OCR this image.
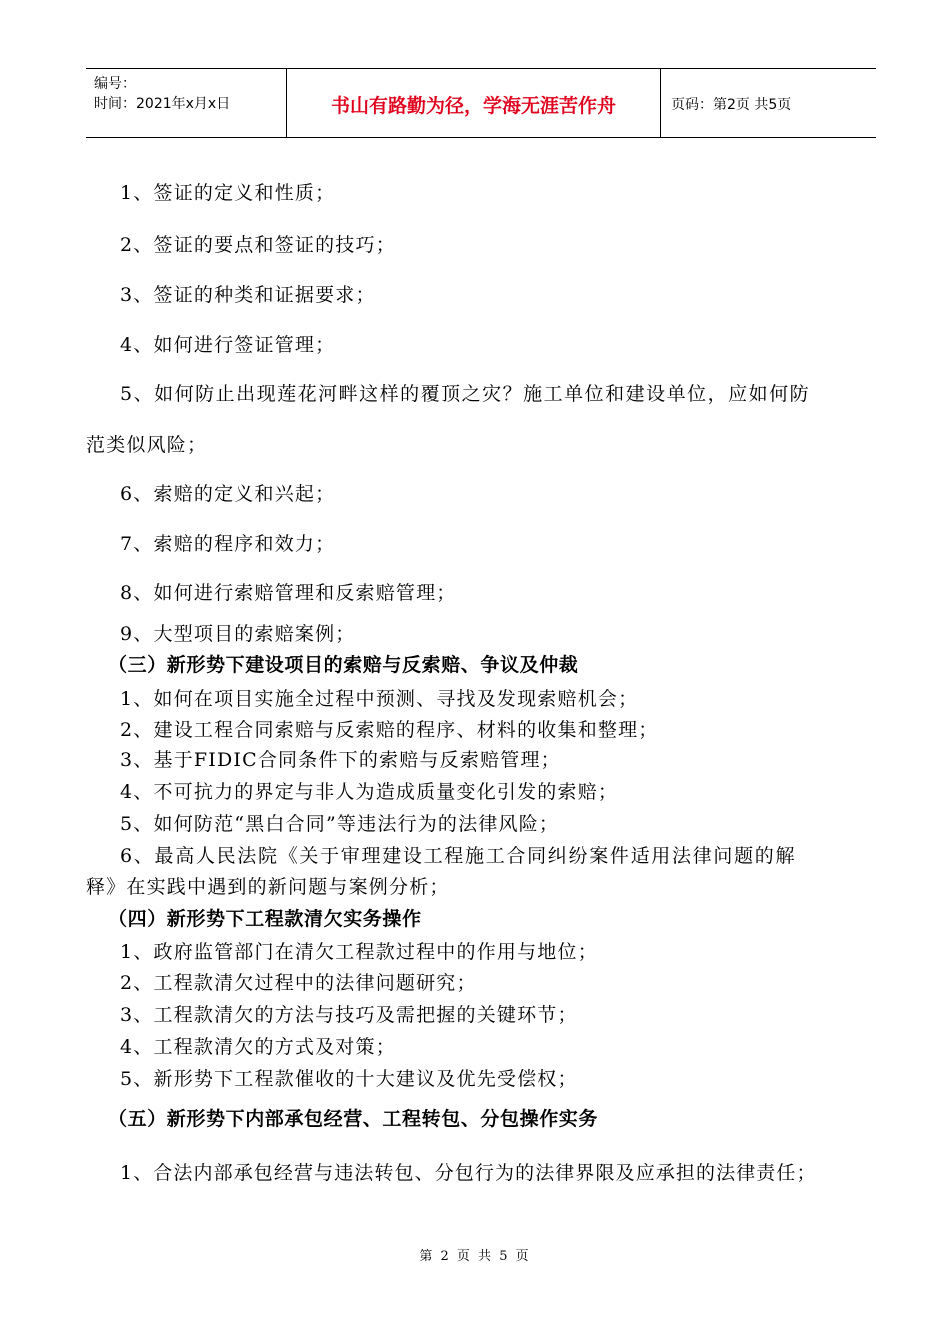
编号：
时间：2021年x月x日	书山有路勤为径，学海无涯苦作舟	页码：第2页 共5页
1、签证的定义和性质；
2、签证的要点和签证的技巧；
3、签证的种类和证据要求；
4、如何进行签证管理；
5、如何防止出现莲花河畔这样的覆顶之灾？施工单位和建设单位，应如何防
范类似风险；
6、索赔的定义和兴起；
7、索赔的程序和效力；
8、如何进行索赔管理和反索赔管理；
9、大型项目的索赔案例；
（三）新形势下建设项目的索赔与反索赔、争议及仲裁
1、如何在项目实施全过程中预测、寻找及发现索赔机会；
2、建设工程合同索赔与反索赔的程序、材料的收集和整理；
3、基于FIDIC合同条件下的索赔与反索赔管理；
4、不可抗力的界定与非人为造成质量变化引发的索赔；
5、如何防范“黑白合同”等违法行为的法律风险；
6、最高人民法院《关于审理建设工程施工合同纠纷案件适用法律问题的解
释》在实践中遇到的新问题与案例分析；
（四）新形势下工程款清欠实务操作
1、政府监管部门在清欠工程款过程中的作用与地位；
2、工程款清欠过程中的法律问题研究；
3、工程款清欠的方法与技巧及需把握的关键环节；
4、工程款清欠的方式及对策；
5、新形势下工程款催收的十大建议及优先受偿权；
（五）新形势下内部承包经营、工程转包、分包操作实务
1、合法内部承包经营与违法转包、分包行为的法律界限及应承担的法律责任；
第 2 页 共 5 页
